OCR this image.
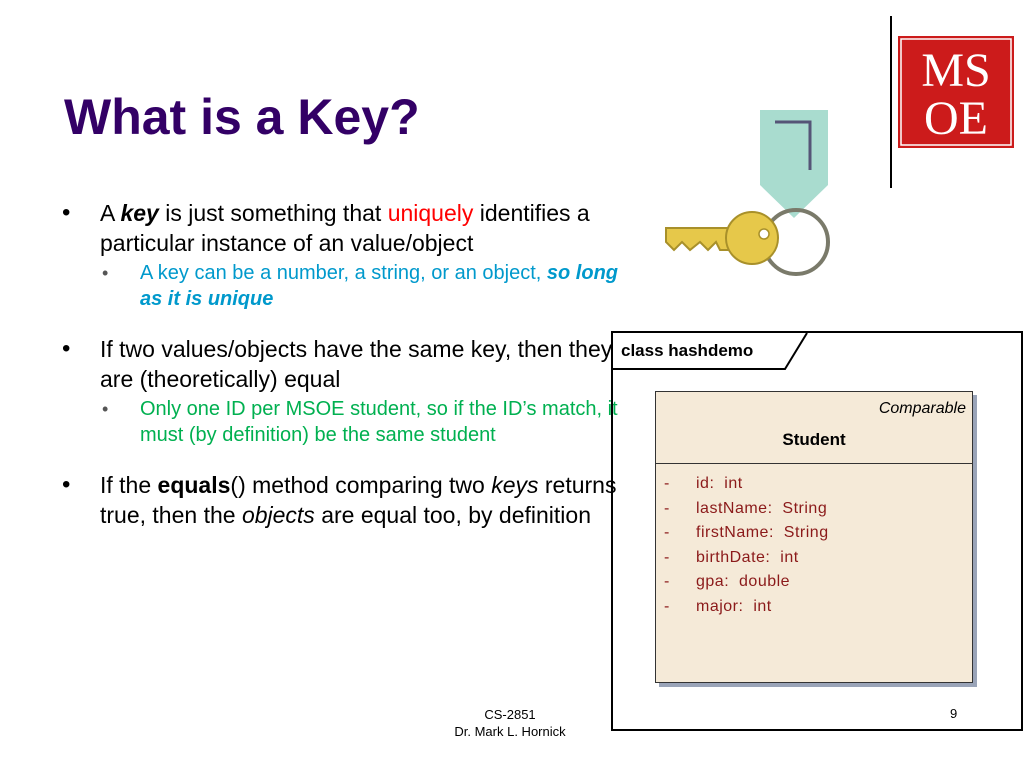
What is a Key?
MS
OE
• A key is just something that uniquely identifies a particular instance of an value/object
• A key can be a number, a string, or an object, so long as it is unique
• If two values/objects have the same key, then they are (theoretically) equal
• Only one ID per MSOE student, so if the ID’s match, it must (by definition) be the same student
• If the equals() method comparing two keys returns true, then the objects are equal too, by definition
class hashdemo
Comparable
Student
- id:  int
- lastName:  String
- firstName:  String
- birthDate:  int
- gpa:  double
- major:  int
CS-2851
Dr. Mark L. Hornick
9
